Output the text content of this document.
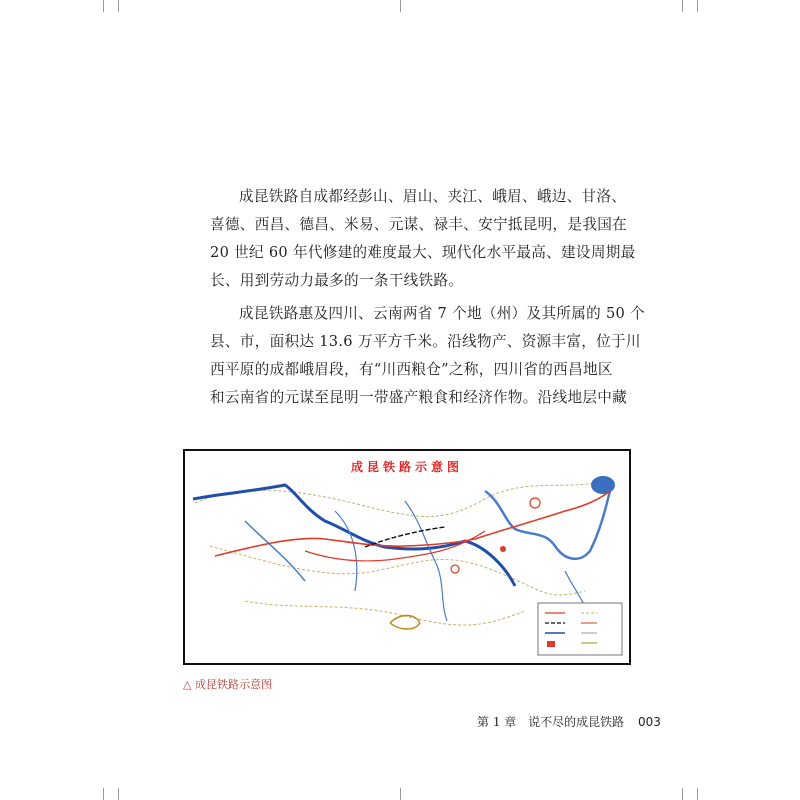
成昆铁路自成都经彭山、眉山、夹江、峨眉、峨边、甘洛、
喜德、西昌、德昌、米易、元谋、禄丰、安宁抵昆明，是我国在
20 世纪 60 年代修建的难度最大、现代化水平最高、建设周期最
长、用到劳动力最多的一条干线铁路。

成昆铁路惠及四川、云南两省 7 个地（州）及其所属的 50 个
县、市，面积达 13.6 万平方千米。沿线物产、资源丰富，位于川
西平原的成都峨眉段，有“川西粮仓”之称，四川省的西昌地区
和云南省的元谋至昆明一带盛产粮食和经济作物。沿线地层中藏

成昆铁路示意图
△ 成昆铁路示意图
第 1 章 说不尽的成昆铁路 003
